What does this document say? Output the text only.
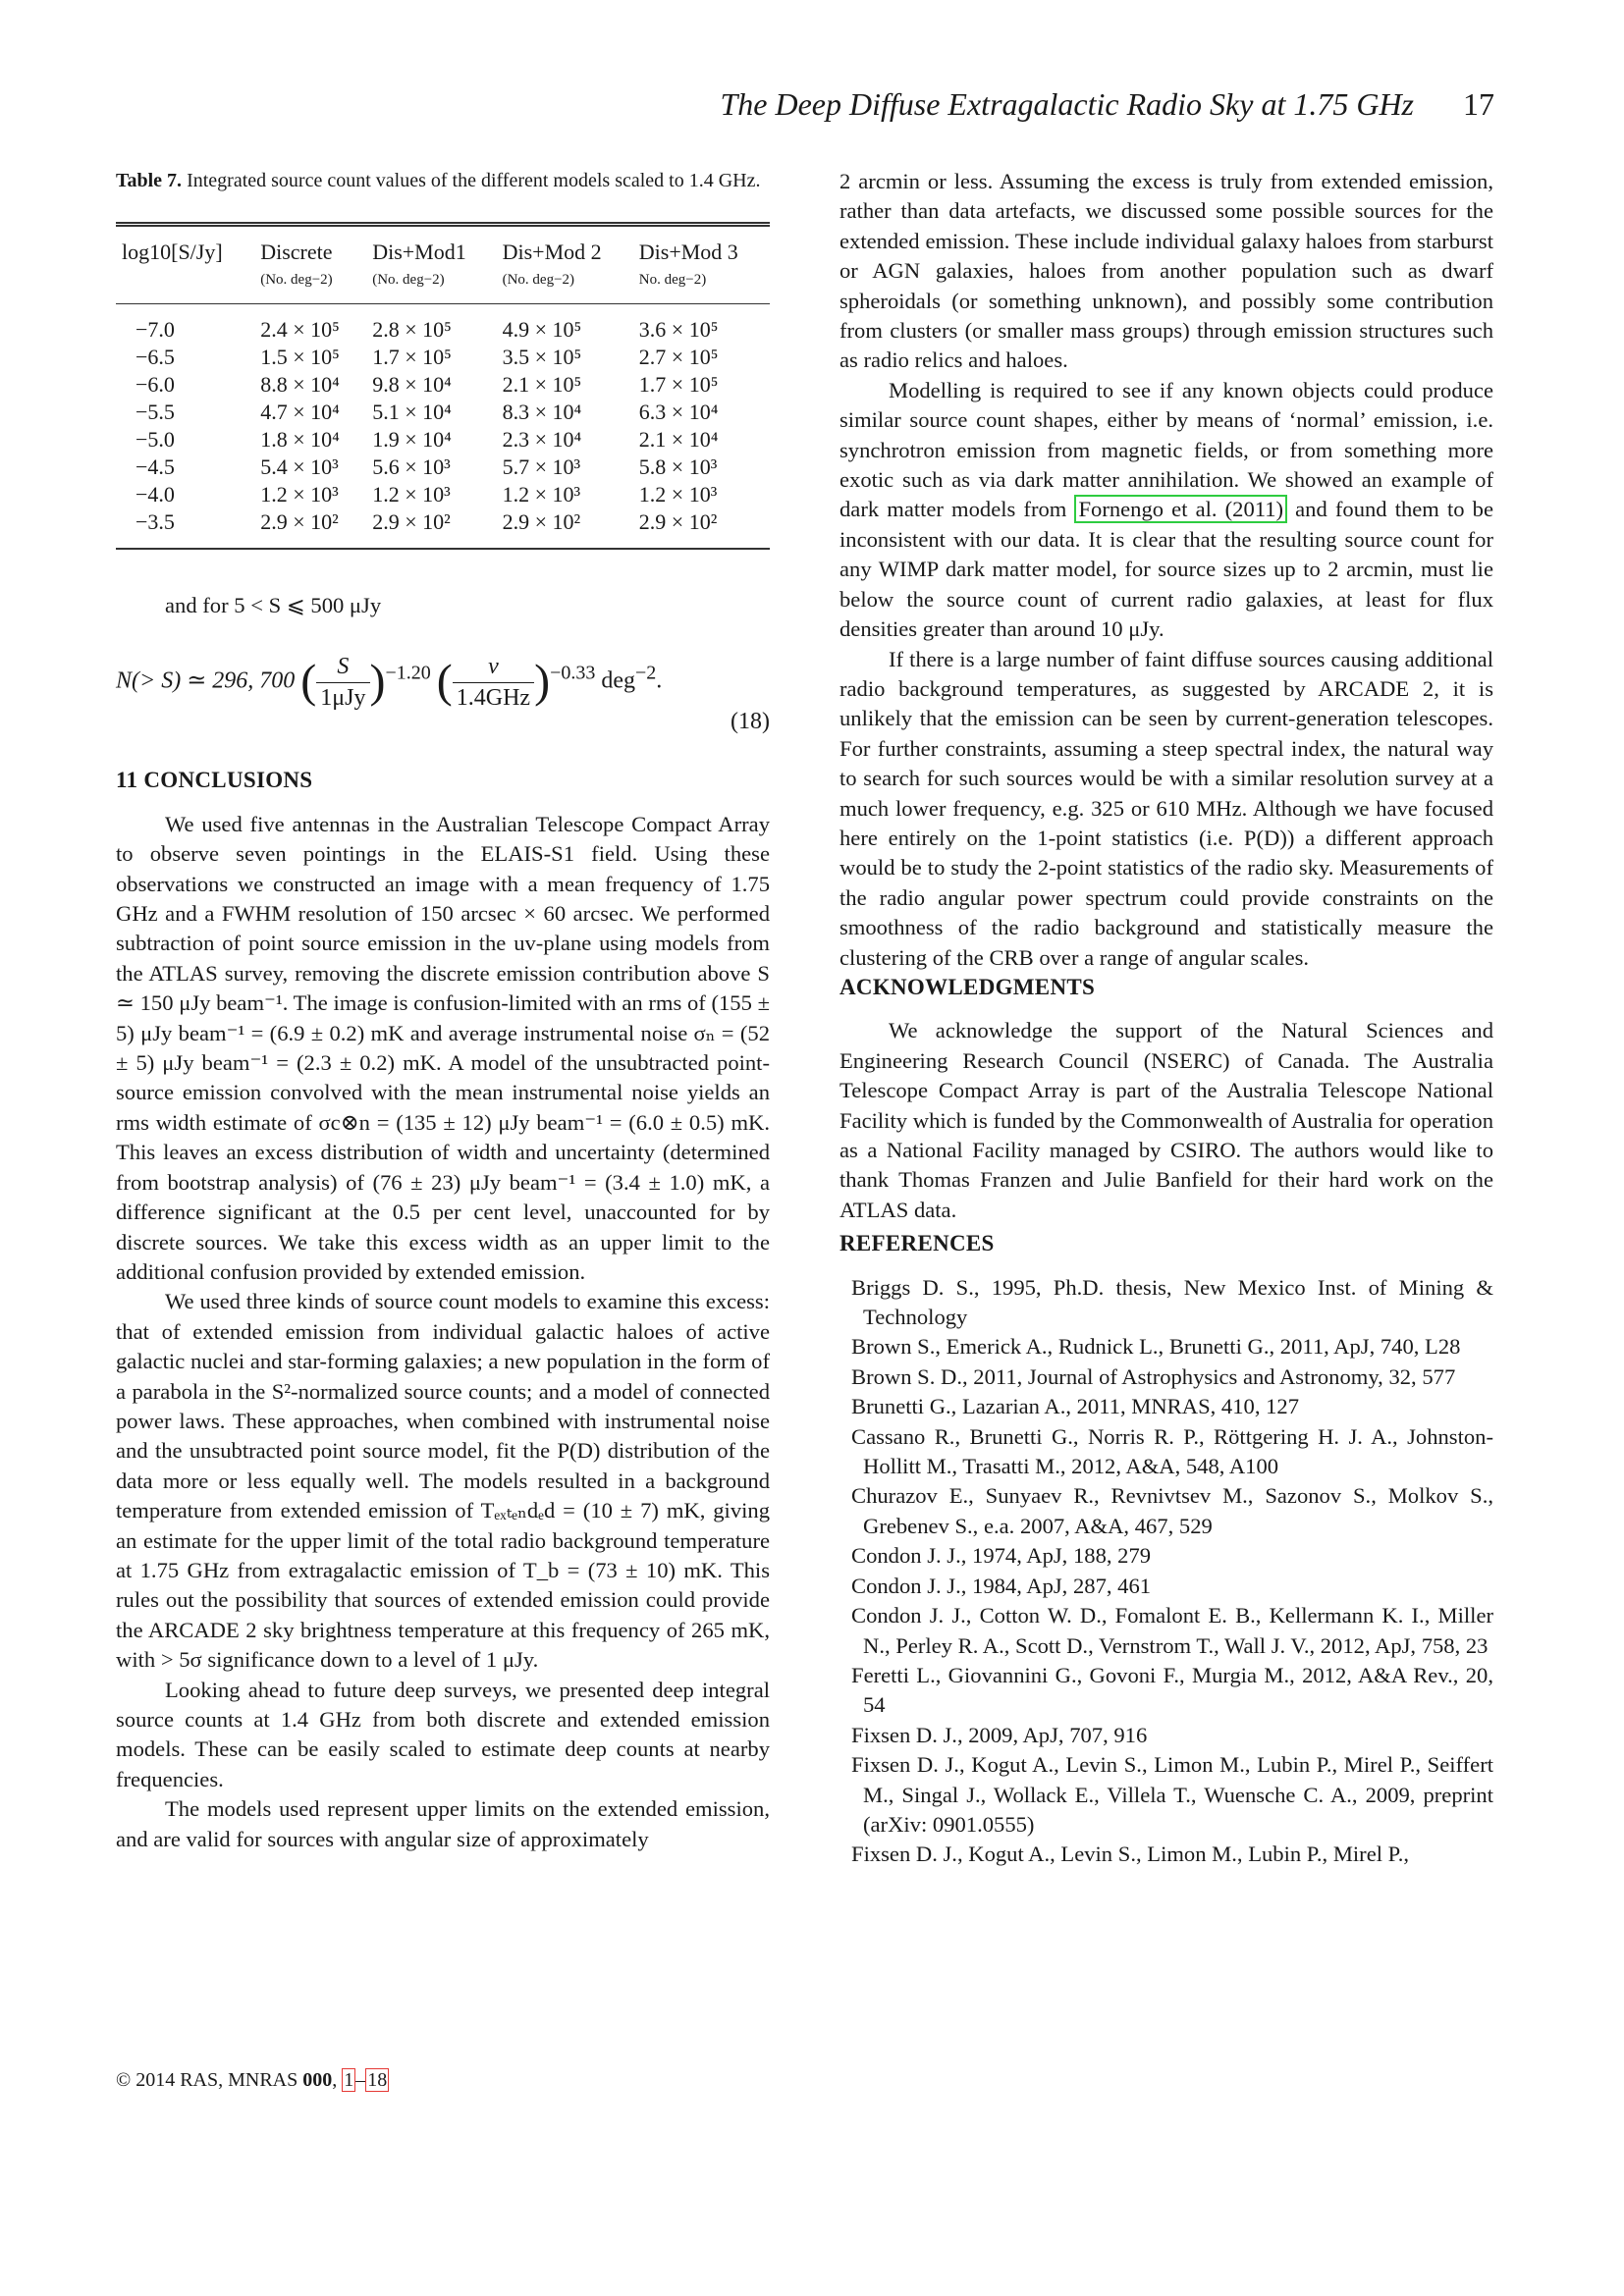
The Deep Diffuse Extragalactic Radio Sky at 1.75 GHz 17
Table 7. Integrated source count values of the different models scaled to 1.4 GHz.
log10[S/Jy]	Discrete	Dis+Mod1	Dis+Mod 2	Dis+Mod 3
	(No. deg−2)	(No. deg−2)	(No. deg−2)	No. deg−2)
−7.0	2.4 × 10⁵	2.8 × 10⁵	4.9 × 10⁵	3.6 × 10⁵
−6.5	1.5 × 10⁵	1.7 × 10⁵	3.5 × 10⁵	2.7 × 10⁵
−6.0	8.8 × 10⁴	9.8 × 10⁴	2.1 × 10⁵	1.7 × 10⁵
−5.5	4.7 × 10⁴	5.1 × 10⁴	8.3 × 10⁴	6.3 × 10⁴
−5.0	1.8 × 10⁴	1.9 × 10⁴	2.3 × 10⁴	2.1 × 10⁴
−4.5	5.4 × 10³	5.6 × 10³	5.7 × 10³	5.8 × 10³
−4.0	1.2 × 10³	1.2 × 10³	1.2 × 10³	1.2 × 10³
−3.5	2.9 × 10²	2.9 × 10²	2.9 × 10²	2.9 × 10²

and for 5 < S ⩽ 500 μJy

N(> S) ≃ 296, 700 ( $\frac{S}{\text{1μJy}} )^{-1.20}$ ( $\frac{\nu}{\text{1.4GHz}} )^{-0.33}$ deg$^{-2}$.
(18)
11 CONCLUSIONS

We used five antennas in the Australian Telescope Compact Array to observe seven pointings in the ELAIS-S1 field. Using these observations we constructed an image with a mean frequency of 1.75 GHz and a FWHM resolution of 150 arcsec × 60 arcsec. We performed subtraction of point source emission in the uv-plane using models from the ATLAS survey, removing the discrete emission contribution above S ≃ 150 μJy beam⁻¹. The image is confusion-limited with an rms of (155 ± 5) μJy beam⁻¹ = (6.9 ± 0.2) mK and average instrumental noise σₙ = (52 ± 5) μJy beam⁻¹ = (2.3 ± 0.2) mK. A model of the unsubtracted point-source emission convolved with the mean instrumental noise yields an rms width estimate of σc⊗n = (135 ± 12) μJy beam⁻¹ = (6.0 ± 0.5) mK. This leaves an excess distribution of width and uncertainty (determined from bootstrap analysis) of (76 ± 23) μJy beam⁻¹ = (3.4 ± 1.0) mK, a difference significant at the 0.5 per cent level, unaccounted for by discrete sources. We take this excess width as an upper limit to the additional confusion provided by extended emission.

We used three kinds of source count models to examine this excess: that of extended emission from individual galactic haloes of active galactic nuclei and star-forming galaxies; a new population in the form of a parabola in the S²-normalized source counts; and a model of connected power laws. These approaches, when combined with instrumental noise and the unsubtracted point source model, fit the P(D) distribution of the data more or less equally well. The models resulted in a background temperature from extended emission of Tₑₓₜₑₙdₑd = (10 ± 7) mK, giving an estimate for the upper limit of the total radio background temperature at 1.75 GHz from extragalactic emission of T_b = (73 ± 10) mK. This rules out the possibility that sources of extended emission could provide the ARCADE 2 sky brightness temperature at this frequency of 265 mK, with > 5σ significance down to a level of 1 μJy.

Looking ahead to future deep surveys, we presented deep integral source counts at 1.4 GHz from both discrete and extended emission models. These can be easily scaled to estimate deep counts at nearby frequencies.

The models used represent upper limits on the extended emission, and are valid for sources with angular size of approximately

2 arcmin or less. Assuming the excess is truly from extended emission, rather than data artefacts, we discussed some possible sources for the extended emission. These include individual galaxy haloes from starburst or AGN galaxies, haloes from another population such as dwarf spheroidals (or something unknown), and possibly some contribution from clusters (or smaller mass groups) through emission structures such as radio relics and haloes.

Modelling is required to see if any known objects could produce similar source count shapes, either by means of ‘normal’ emission, i.e. synchrotron emission from magnetic fields, or from something more exotic such as via dark matter annihilation. We showed an example of dark matter models from Fornengo et al. (2011) and found them to be inconsistent with our data. It is clear that the resulting source count for any WIMP dark matter model, for source sizes up to 2 arcmin, must lie below the source count of current radio galaxies, at least for flux densities greater than around 10 μJy.

If there is a large number of faint diffuse sources causing additional radio background temperatures, as suggested by ARCADE 2, it is unlikely that the emission can be seen by current-generation telescopes. For further constraints, assuming a steep spectral index, the natural way to search for such sources would be with a similar resolution survey at a much lower frequency, e.g. 325 or 610 MHz. Although we have focused here entirely on the 1-point statistics (i.e. P(D)) a different approach would be to study the 2-point statistics of the radio sky. Measurements of the radio angular power spectrum could provide constraints on the smoothness of the radio background and statistically measure the clustering of the CRB over a range of angular scales.

ACKNOWLEDGMENTS

We acknowledge the support of the Natural Sciences and Engineering Research Council (NSERC) of Canada. The Australia Telescope Compact Array is part of the Australia Telescope National Facility which is funded by the Commonwealth of Australia for operation as a National Facility managed by CSIRO. The authors would like to thank Thomas Franzen and Julie Banfield for their hard work on the ATLAS data.

REFERENCES
Briggs D. S., 1995, Ph.D. thesis, New Mexico Inst. of Mining & Technology
Brown S., Emerick A., Rudnick L., Brunetti G., 2011, ApJ, 740, L28
Brown S. D., 2011, Journal of Astrophysics and Astronomy, 32, 577
Brunetti G., Lazarian A., 2011, MNRAS, 410, 127
Cassano R., Brunetti G., Norris R. P., Röttgering H. J. A., Johnston-Hollitt M., Trasatti M., 2012, A&A, 548, A100
Churazov E., Sunyaev R., Revnivtsev M., Sazonov S., Molkov S., Grebenev S., e.a. 2007, A&A, 467, 529
Condon J. J., 1974, ApJ, 188, 279
Condon J. J., 1984, ApJ, 287, 461
Condon J. J., Cotton W. D., Fomalont E. B., Kellermann K. I., Miller N., Perley R. A., Scott D., Vernstrom T., Wall J. V., 2012, ApJ, 758, 23
Feretti L., Giovannini G., Govoni F., Murgia M., 2012, A&A Rev., 20, 54
Fixsen D. J., 2009, ApJ, 707, 916
Fixsen D. J., Kogut A., Levin S., Limon M., Lubin P., Mirel P., Seiffert M., Singal J., Wollack E., Villela T., Wuensche C. A., 2009, preprint (arXiv: 0901.0555)
Fixsen D. J., Kogut A., Levin S., Limon M., Lubin P., Mirel P.,
© 2014 RAS, MNRAS 000, 1 – 18
